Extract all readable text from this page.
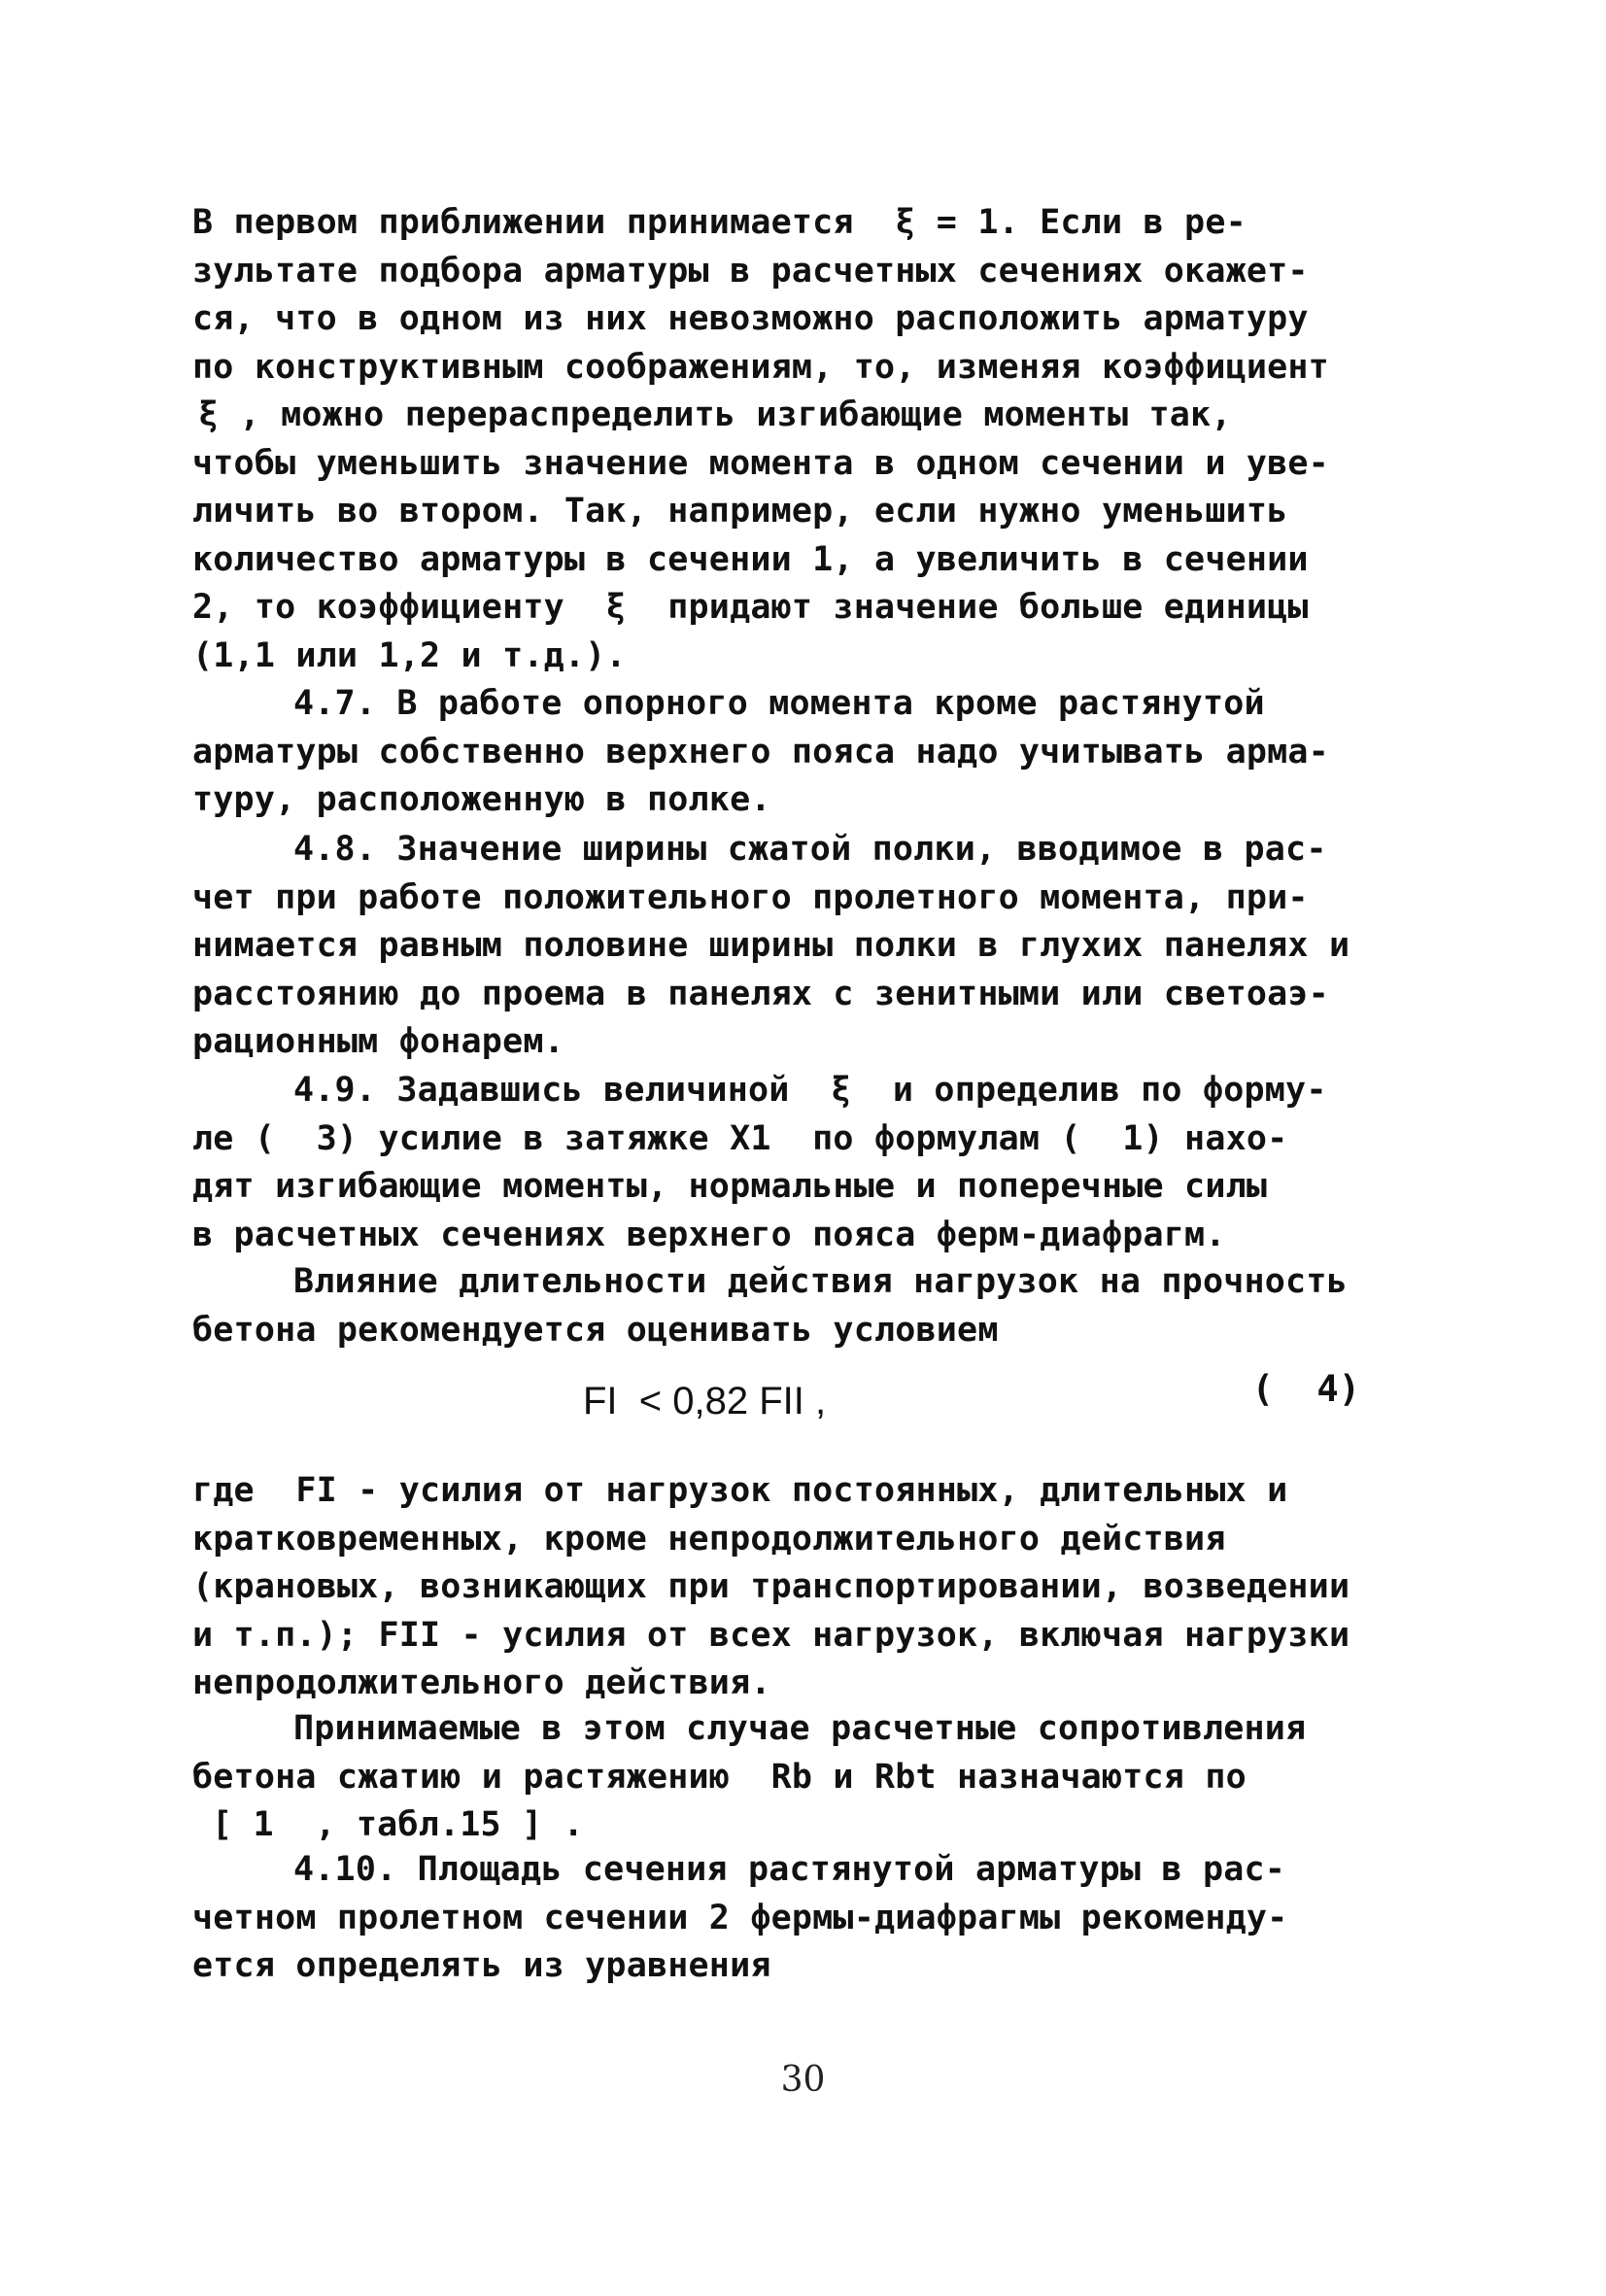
В первом приближении принимается  ξ = 1. Если в ре-
зультате подбора арматуры в расчетных сечениях окажет-
ся, что в одном из них невозможно расположить арматуру
по конструктивным соображениям, то, изменяя коэффициент
ξ , можно перераспределить изгибающие моменты так,
чтобы уменьшить значение момента в одном сечении и уве-
личить во втором. Так, например, если нужно уменьшить
количество арматуры в сечении 1, а увеличить в сечении
2, то коэффициенту  ξ  придают значение больше единицы
(1,1 или 1,2 и т.д.).
4.7. В работе опорного момента кроме растянутой
арматуры собственно верхнего пояса надо учитывать арма-
туру, расположенную в полке.
4.8. Значение ширины сжатой полки, вводимое в рас-
чет при работе положительного пролетного момента, при-
нимается равным половине ширины полки в глухих панелях и
расстоянию до проема в панелях с зенитными или светоаэ-
рационным фонарем.
4.9. Задавшись величиной  ξ  и определив по форму-
ле (  3) усилие в затяжке X1  по формулам (  1) нахо-
дят изгибающие моменты, нормальные и поперечные силы
в расчетных сечениях верхнего пояса ферм-диафрагм.
Влияние длительности действия нагрузок на прочность
бетона рекомендуется оценивать условием
FI  < 0,82 FII ,	(  4)
где  FI - усилия от нагрузок постоянных, длительных и
кратковременных, кроме непродолжительного действия
(крановых, возникающих при транспортировании, возведении
и т.п.); FII - усилия от всех нагрузок, включая нагрузки
непродолжительного действия.
Принимаемые в этом случае расчетные сопротивления
бетона сжатию и растяжению  Rb и Rbt назначаются по
[ 1  , табл.15 ] .
4.10. Площадь сечения растянутой арматуры в рас-
четном пролетном сечении 2 фермы-диафрагмы рекоменду-
ется определять из уравнения
30
